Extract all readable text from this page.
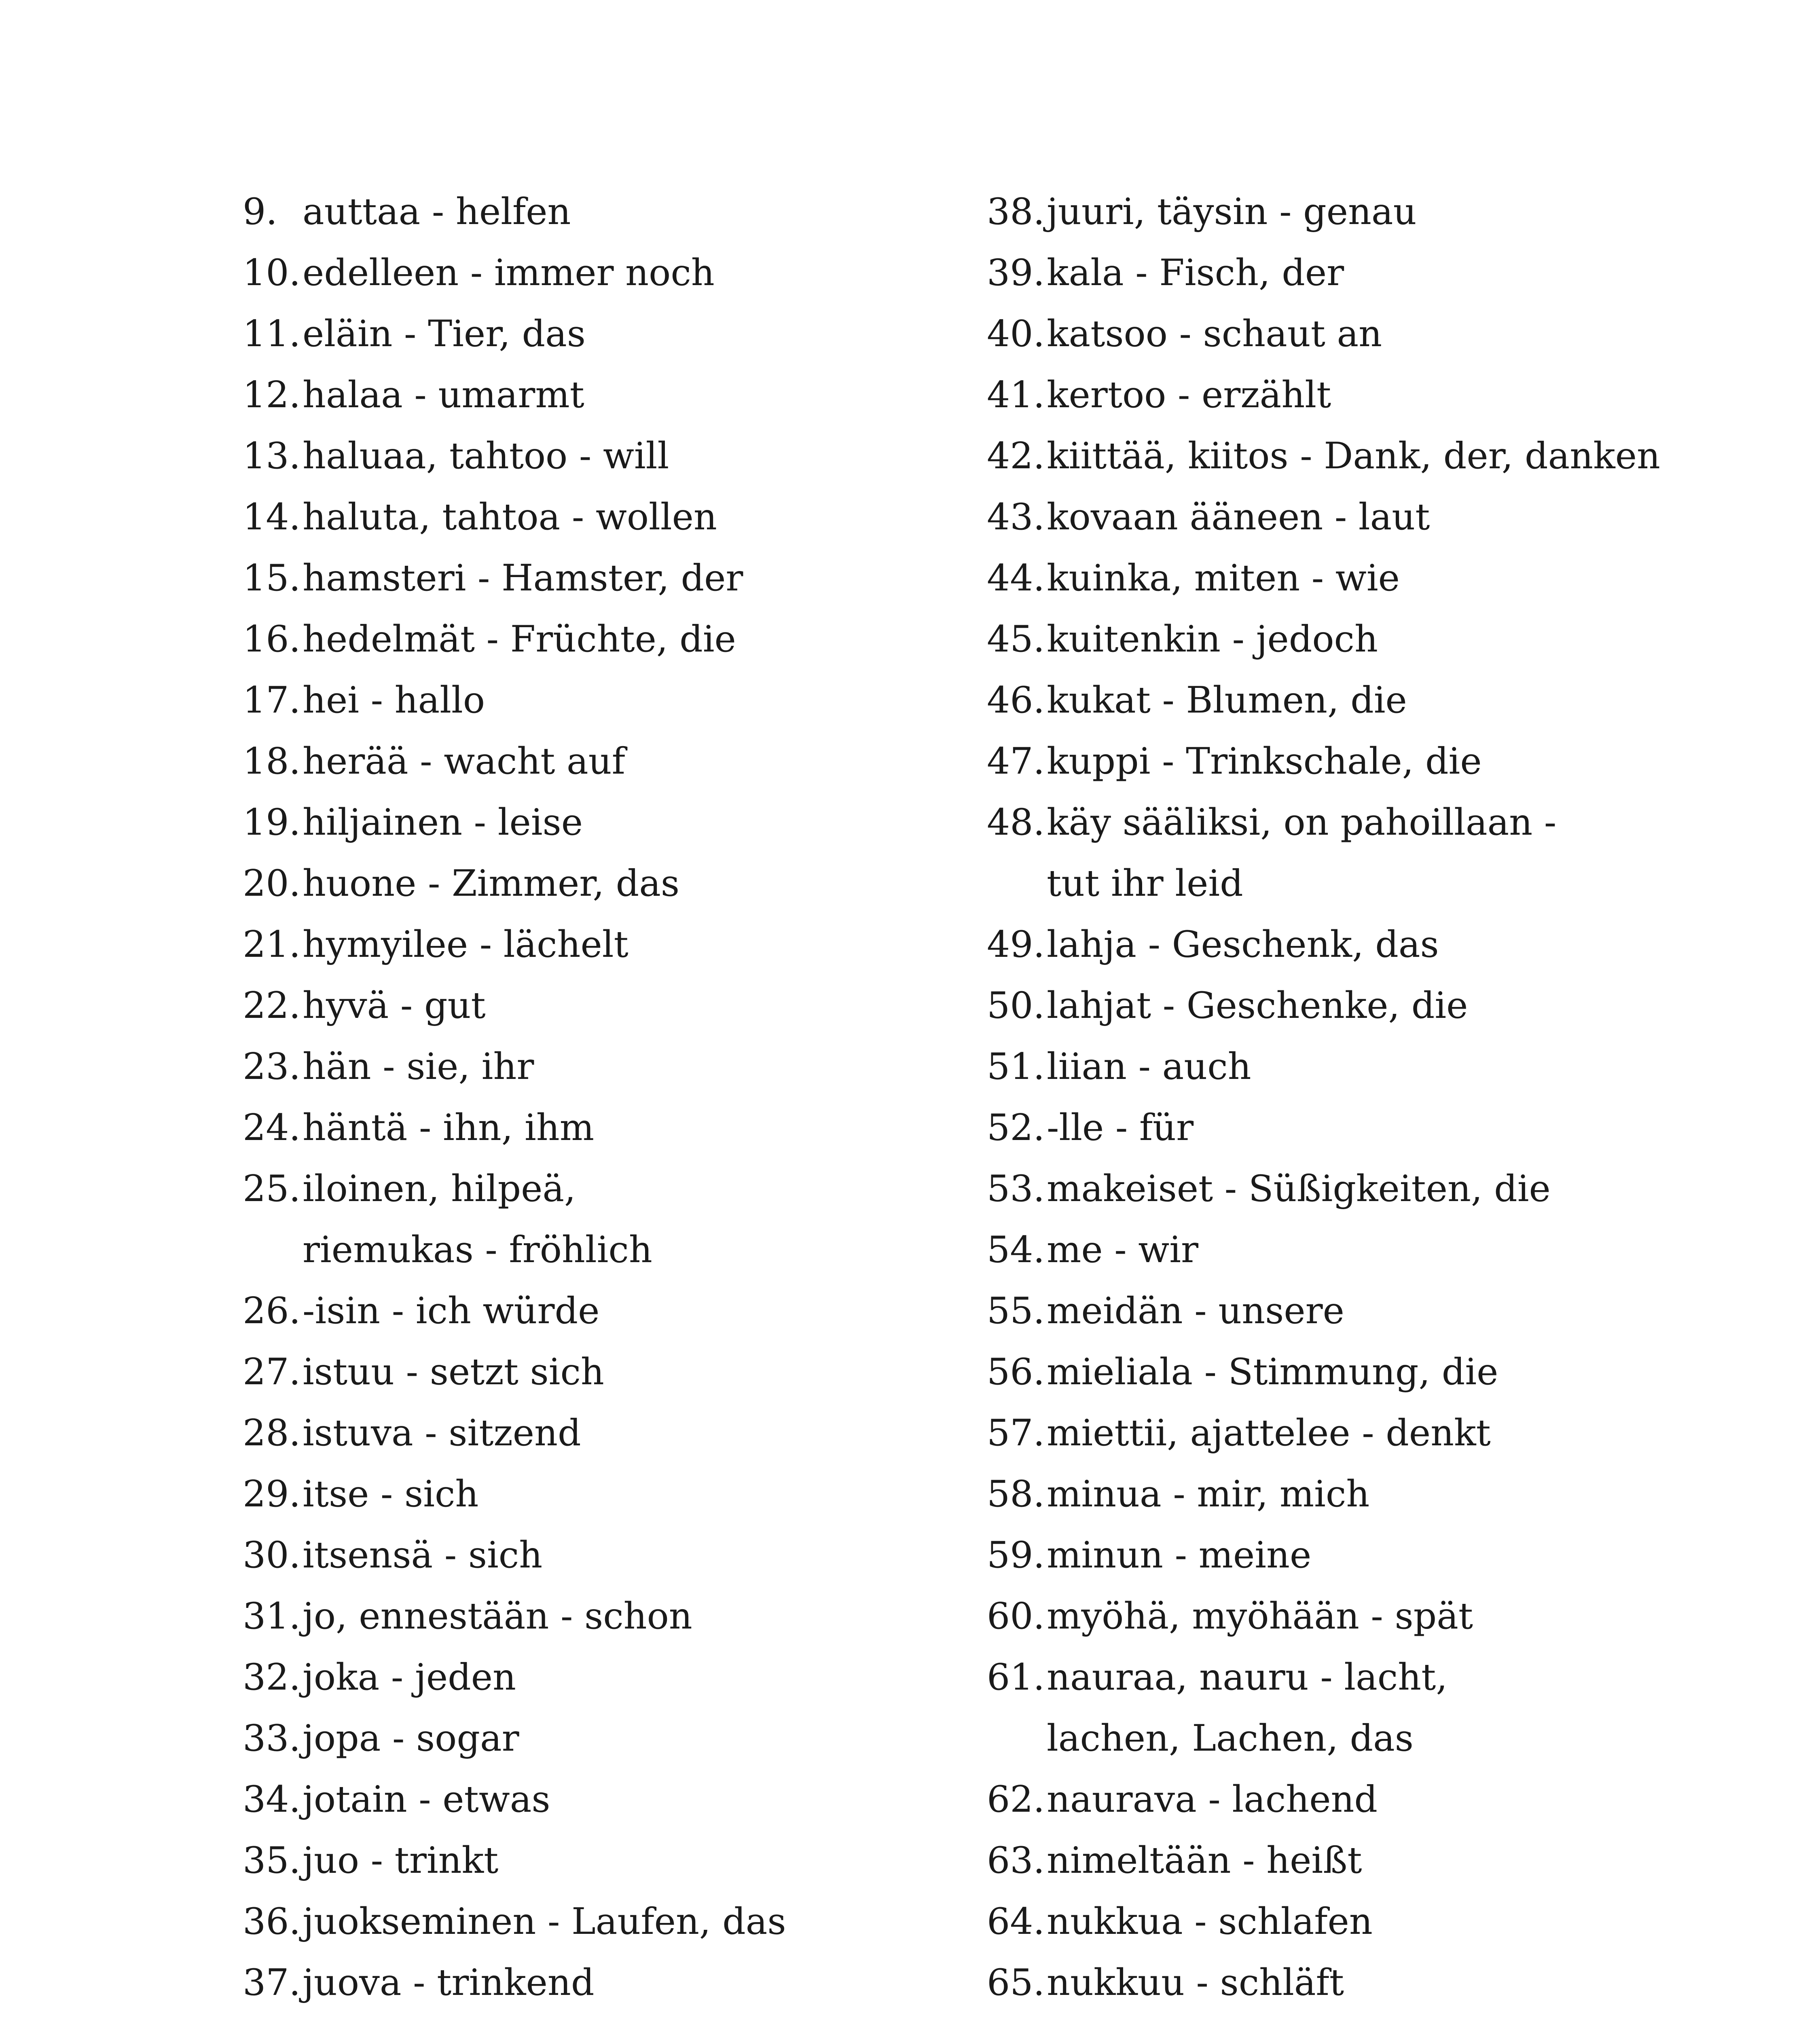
9. auttaa - helfen
10. edelleen - immer noch
11. eläin - Tier, das
12. halaa - umarmt
13. haluaa, tahtoo - will
14. haluta, tahtoa - wollen
15. hamsteri - Hamster, der
16. hedelmät - Früchte, die
17. hei - hallo
18. herää - wacht auf
19. hiljainen - leise
20. huone - Zimmer, das
21. hymyilee - lächelt
22. hyvä - gut
23. hän - sie, ihr
24. häntä - ihn, ihm
25. iloinen, hilpeä, riemukas - fröhlich
26. -isin - ich würde
27. istuu - setzt sich
28. istuva - sitzend
29. itse - sich
30. itsensä - sich
31. jo, ennestään - schon
32. joka - jeden
33. jopa - sogar
34. jotain - etwas
35. juo - trinkt
36. juokseminen - Laufen, das
37. juova - trinkend
38. juuri, täysin - genau
39. kala - Fisch, der
40. katsoo - schaut an
41. kertoo - erzählt
42. kiittää, kiitos - Dank, der, danken
43. kovaan ääneen - laut
44. kuinka, miten - wie
45. kuitenkin - jedoch
46. kukat - Blumen, die
47. kuppi - Trinkschale, die
48. käy sääliksi, on pahoillaan - tut ihr leid
49. lahja - Geschenk, das
50. lahjat - Geschenke, die
51. liian - auch
52. -lle - für
53. makeiset - Süßigkeiten, die
54. me - wir
55. meidän - unsere
56. mieliala - Stimmung, die
57. miettii, ajattelee - denkt
58. minua - mir, mich
59. minun - meine
60. myöhä, myöhään - spät
61. nauraa, nauru - lacht, lachen, Lachen, das
62. naurava - lachend
63. nimeltään - heißt
64. nukkua - schlafen
65. nukkuu - schläft
